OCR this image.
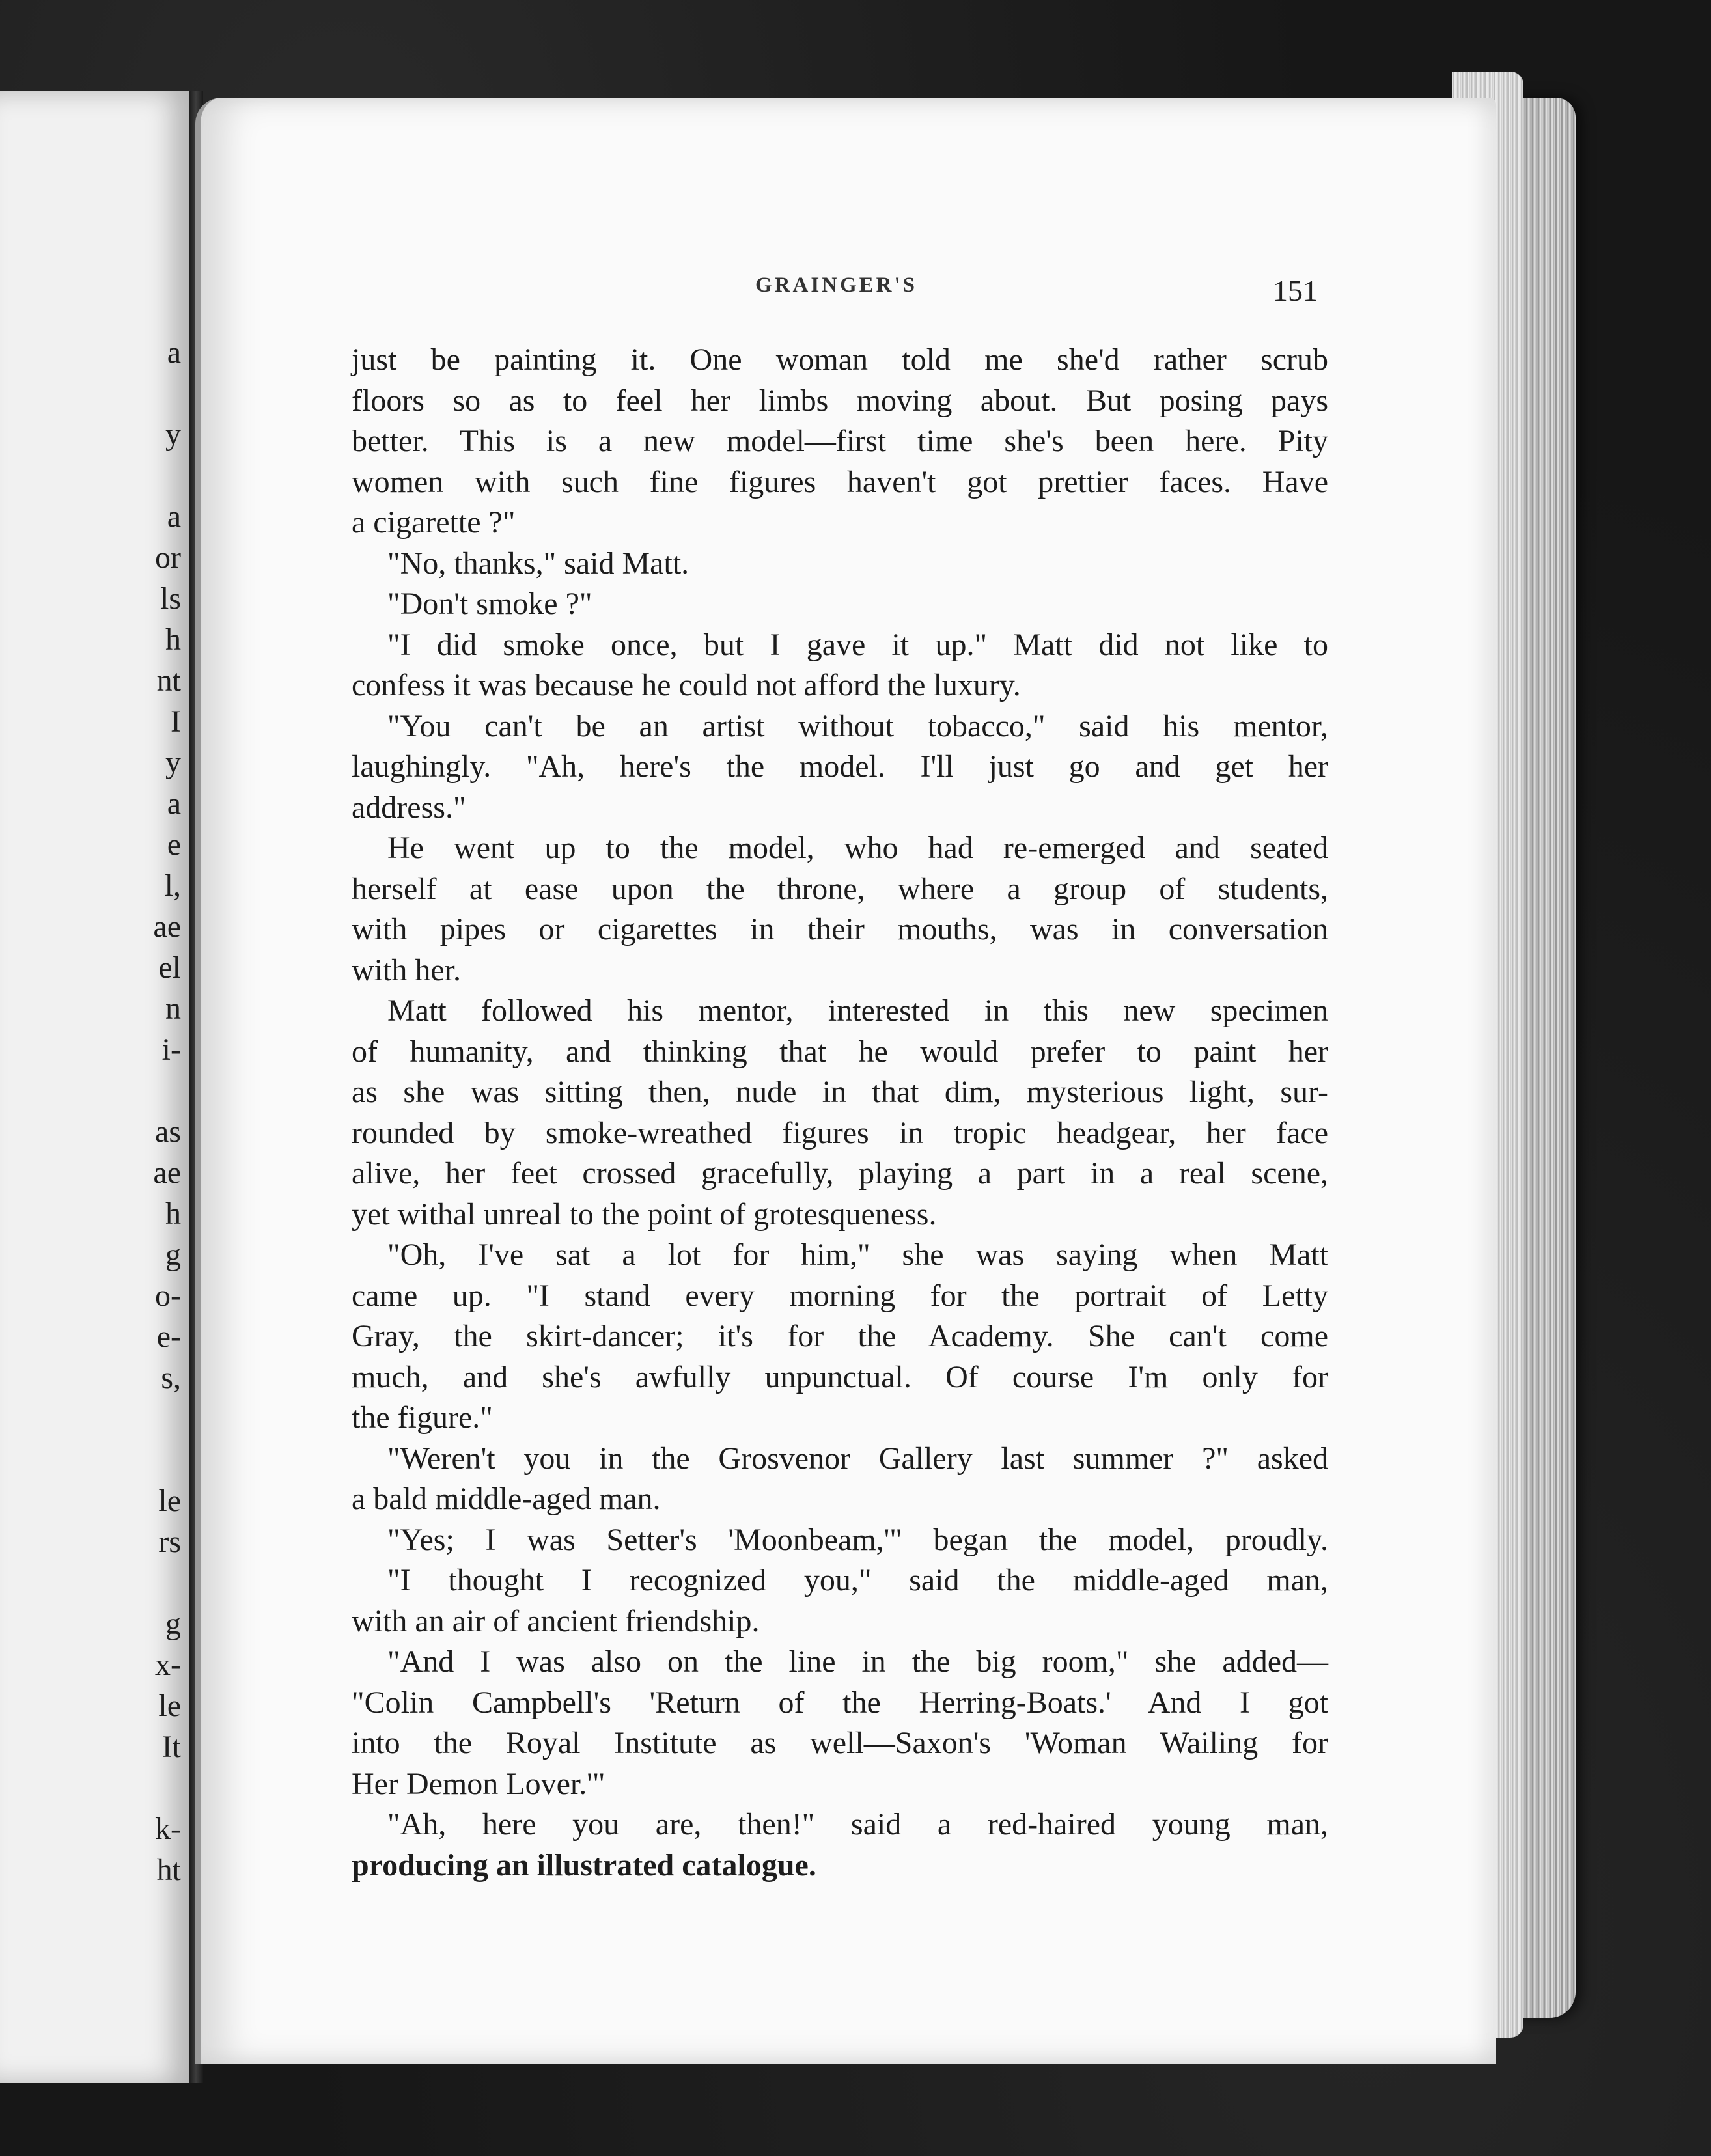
a
y
a
or
ls
h
nt
I
y
a
e
l,
ae
el
n
i-
as
ae
h
g
o-
e-
s,
le
rs
g
x-
le
It
k-
ht
GRAINGER'S	151
just be painting it. One woman told me she'd rather scrub
floors so as to feel her limbs moving about. But posing pays
better. This is a new model—first time she's been here. Pity
women with such fine figures haven't got prettier faces. Have
a cigarette ?"
"No, thanks," said Matt.
"Don't smoke ?"
"I did smoke once, but I gave it up." Matt did not like to
confess it was because he could not afford the luxury.
"You can't be an artist without tobacco," said his mentor,
laughingly. "Ah, here's the model. I'll just go and get her
address."
He went up to the model, who had re-emerged and seated
herself at ease upon the throne, where a group of students,
with pipes or cigarettes in their mouths, was in conversation
with her.
Matt followed his mentor, interested in this new specimen
of humanity, and thinking that he would prefer to paint her
as she was sitting then, nude in that dim, mysterious light, sur-
rounded by smoke-wreathed figures in tropic headgear, her face
alive, her feet crossed gracefully, playing a part in a real scene,
yet withal unreal to the point of grotesqueness.
"Oh, I've sat a lot for him," she was saying when Matt
came up. "I stand every morning for the portrait of Letty
Gray, the skirt-dancer; it's for the Academy. She can't come
much, and she's awfully unpunctual. Of course I'm only for
the figure."
"Weren't you in the Grosvenor Gallery last summer ?" asked
a bald middle-aged man.
"Yes; I was Setter's 'Moonbeam,'" began the model, proudly.
"I thought I recognized you," said the middle-aged man,
with an air of ancient friendship.
"And I was also on the line in the big room," she added—
"Colin Campbell's 'Return of the Herring-Boats.' And I got
into the Royal Institute as well—Saxon's 'Woman Wailing for
Her Demon Lover.'"
"Ah, here you are, then!" said a red-haired young man,
producing an illustrated catalogue.
